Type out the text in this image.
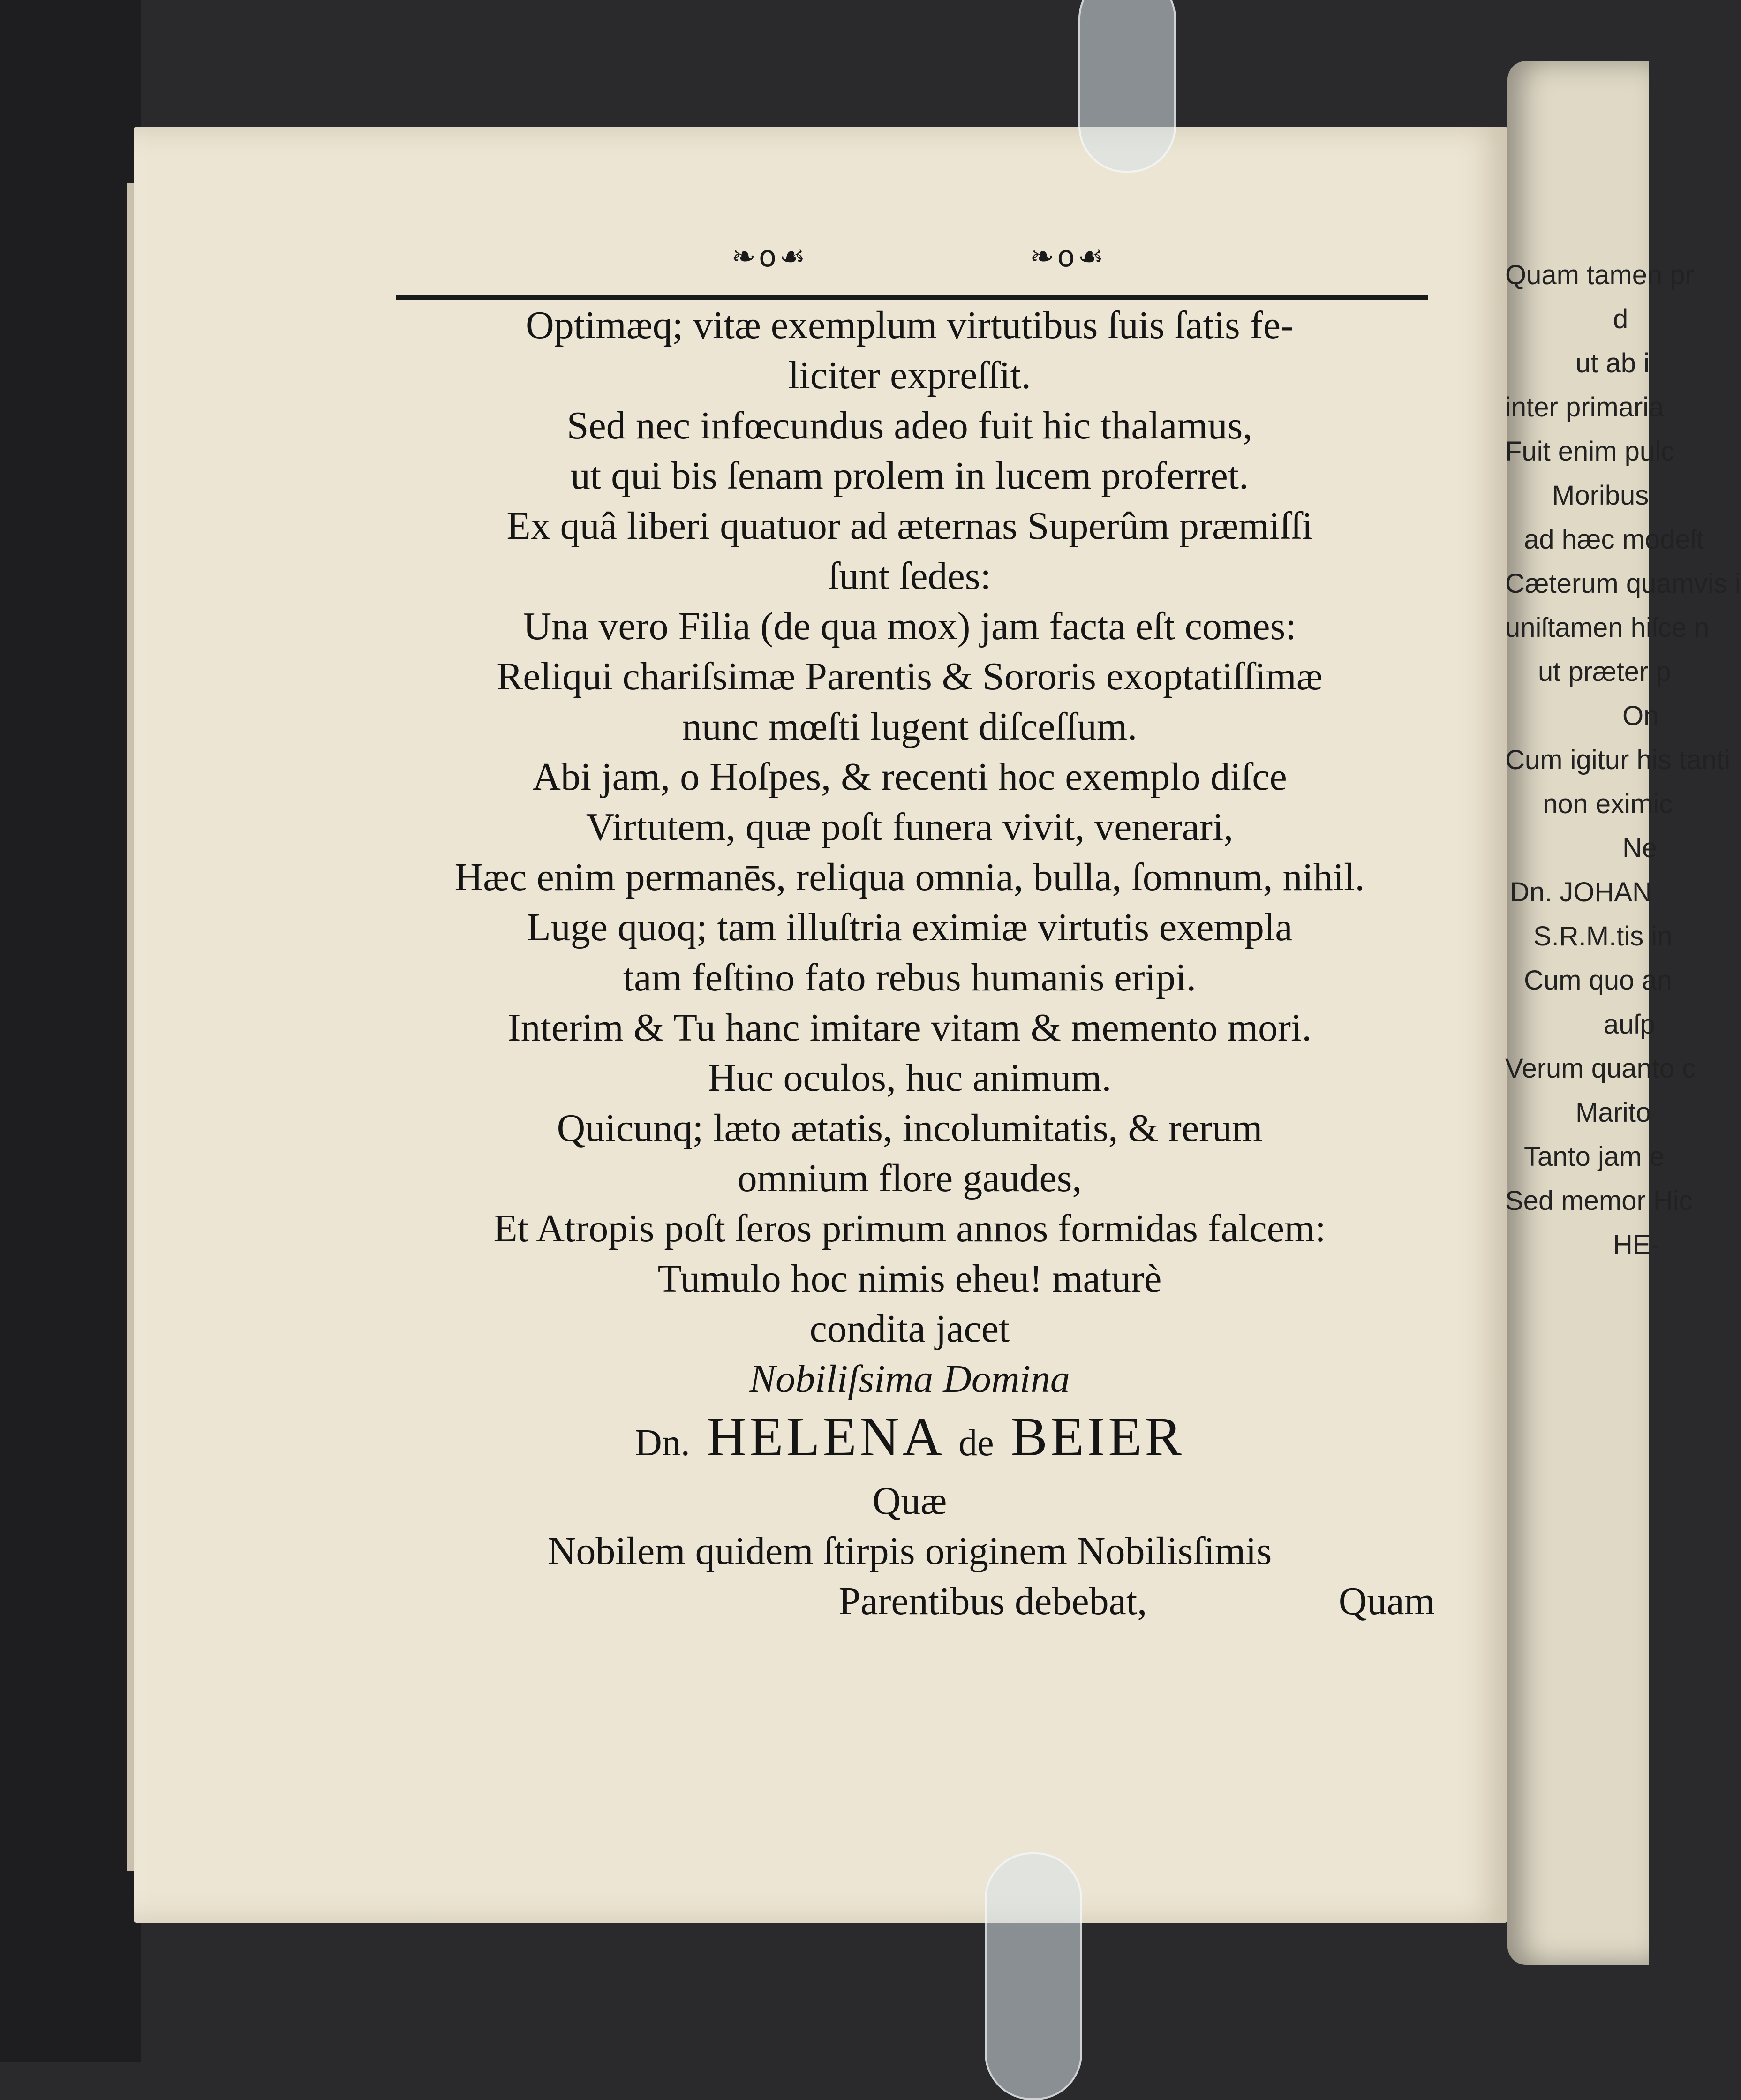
❧⁠⁠o⁠⁠☙	❧⁠o⁠☙
Optimæq; vitæ exemplum virtutibus ſuis ſatis fe-
liciter expreſſit.
Sed nec infœcundus adeo fuit hic thalamus,
ut qui bis ſenam prolem in lucem proferret.
Ex quâ liberi quatuor ad æternas Superûm præmiſſi
ſunt ſedes:
Una vero Filia (de qua mox) jam facta eſt comes:
Reliqui chariſsimæ Parentis & Sororis exoptatiſſimæ
nunc mœſti lugent diſceſſum.
Abi jam, o Hoſpes, & recenti hoc exemplo diſce
Virtutem, quæ poſt funera vivit, venerari,
Hæc enim permanēs, reliqua omnia, bulla, ſomnum, nihil.
Luge quoq; tam illuſtria eximiæ virtutis exempla
tam feſtino fato rebus humanis eripi.
Interim & Tu hanc imitare vitam & memento mori.
Huc oculos, huc animum.
Quicunq; læto ætatis, incolumitatis, & rerum
omnium flore gaudes,
Et Atropis poſt ſeros primum annos formidas falcem:
Tumulo hoc nimis eheu! maturè
condita jacet
Nobiliſsima Domina
Dn. HELENA de BEIER
Quæ
Nobilem quidem ſtirpis originem Nobilisſimis
Parentibus debebat,	Quam
Quam tamen pr
d
ut ab i
inter primaria
Fuit enim pulc
Moribus
ad hæc modeſt
Cæterum quamvis i
uniſtamen hiſce n
ut præter p
On
Cum igitur his tanti
non eximic
Ne
Dn. JOHAN
S.R.M.tis in
Cum quo an
auſp
Verum quanto c
Marito
Tanto jam e
Sed memor Hic
HE-
